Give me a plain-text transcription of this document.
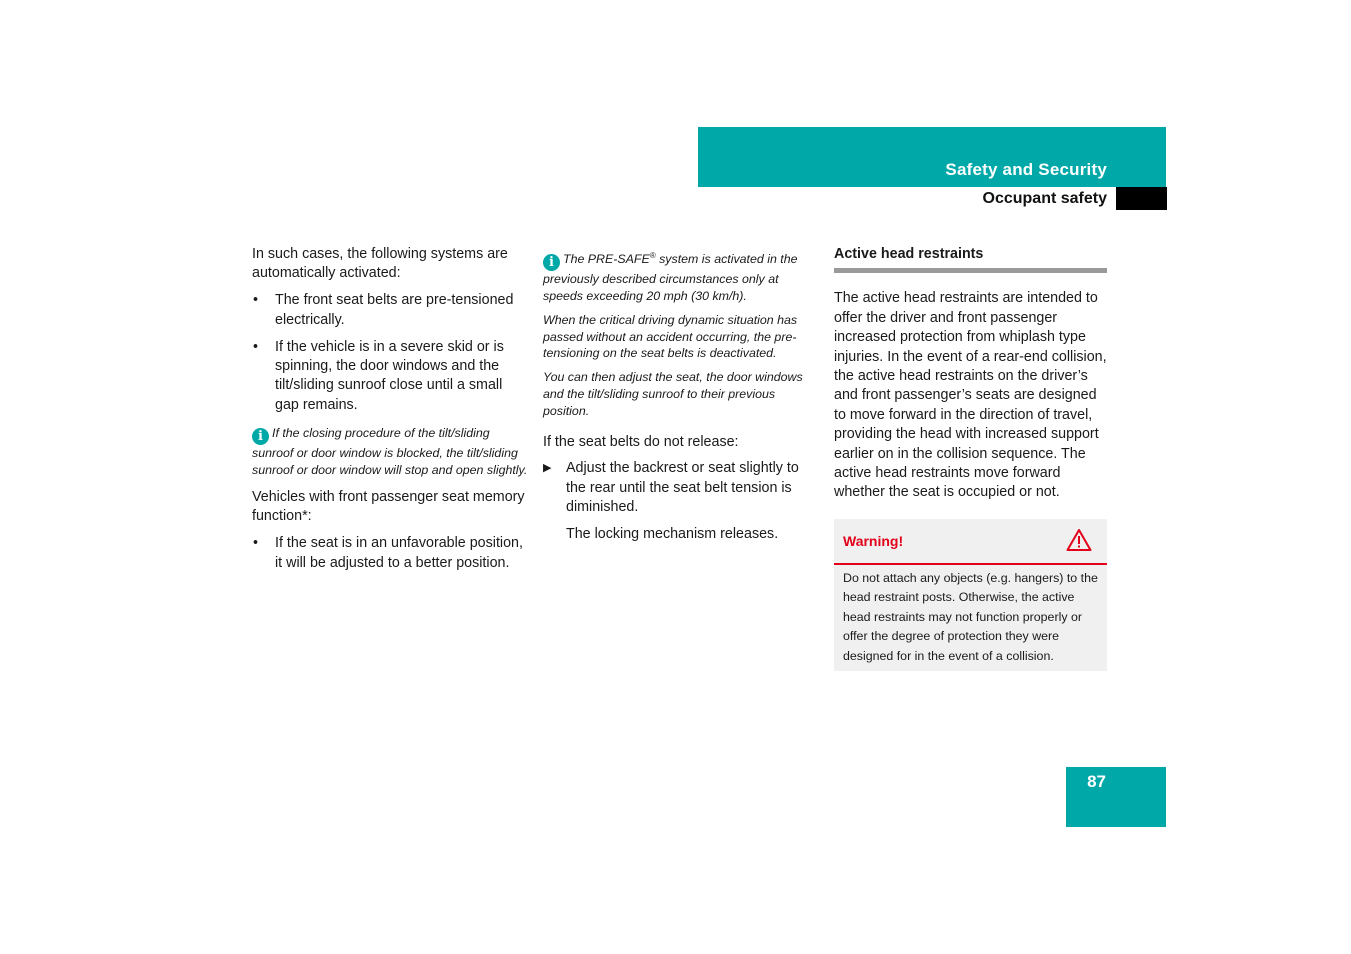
Safety and Security
Occupant safety

In such cases, the following systems are automatically activated:

• The front seat belts are pre-tensioned electrically.
• If the vehicle is in a severe skid or is spinning, the door windows and the tilt/sliding sunroof close until a small gap remains.

i If the closing procedure of the tilt/sliding sunroof or door window is blocked, the tilt/sliding sunroof or door window will stop and open slightly.

Vehicles with front passenger seat memory function*:

• If the seat is in an unfavorable position, it will be adjusted to a better position.

i The PRE-SAFE® system is activated in the previously described circumstances only at speeds exceeding 20 mph (30 km/h).

When the critical driving dynamic situation has passed without an accident occurring, the pre-tensioning on the seat belts is deactivated.

You can then adjust the seat, the door windows and the tilt/sliding sunroof to their previous position.

If the seat belts do not release:

▶ Adjust the backrest or seat slightly to the rear until the seat belt tension is diminished.

The locking mechanism releases.

Active head restraints

The active head restraints are intended to offer the driver and front passenger increased protection from whiplash type injuries. In the event of a rear-end collision, the active head restraints on the driver’s and front passenger’s seats are designed to move forward in the direction of travel, providing the head with increased support earlier on in the collision sequence. The active head restraints move forward whether the seat is occupied or not.

Warning!
Do not attach any objects (e.g. hangers) to the head restraint posts. Otherwise, the active head restraints may not function properly or offer the degree of protection they were designed for in the event of a collision.
87
